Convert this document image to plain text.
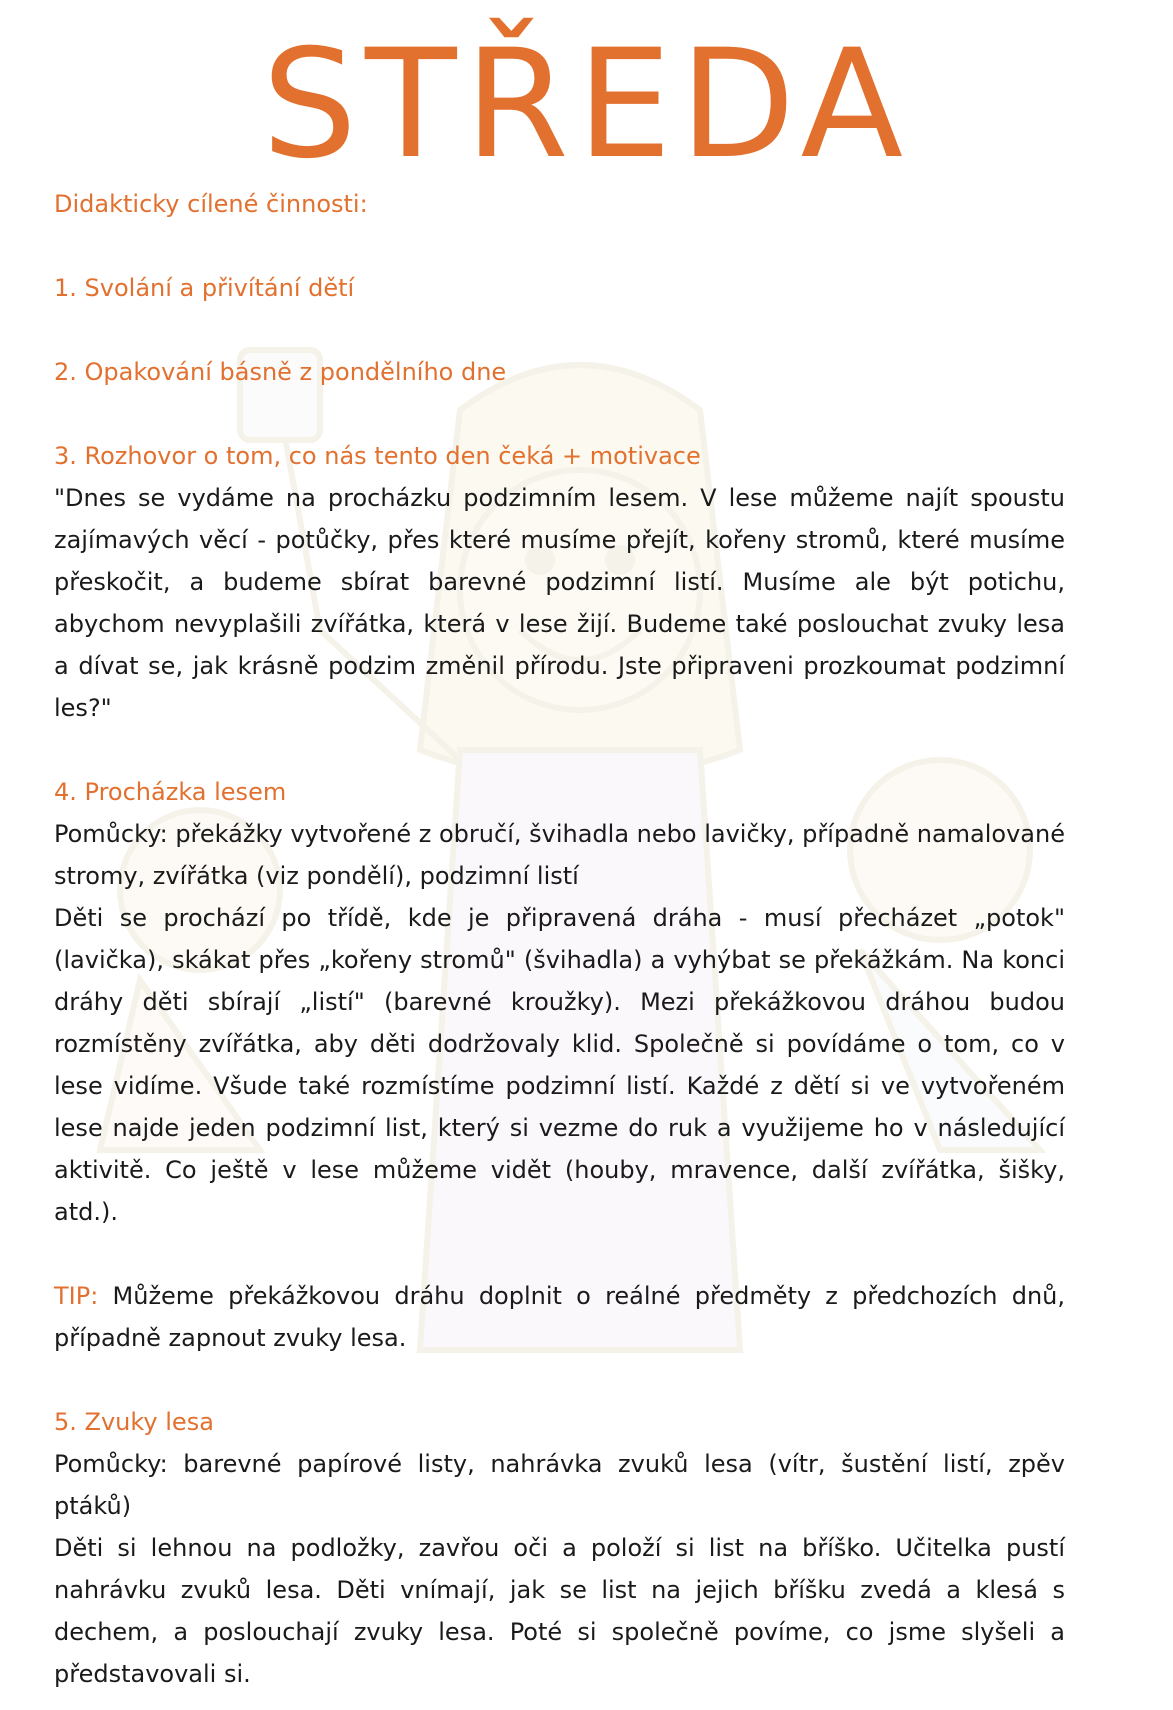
STŘEDA

Didakticky cílené činnosti:

1. Svolání a přivítání dětí

2. Opakování básně z pondělního dne

3. Rozhovor o tom, co nás tento den čeká + motivace

"Dnes se vydáme na procházku podzimním lesem. V lese můžeme najít spoustu zajímavých věcí - potůčky, přes které musíme přejít, kořeny stromů, které musíme přeskočit, a budeme sbírat barevné podzimní listí. Musíme ale být potichu, abychom nevyplašili zvířátka, která v lese žijí. Budeme také poslouchat zvuky lesa a dívat se, jak krásně podzim změnil přírodu. Jste připraveni prozkoumat podzimní les?"

4. Procházka lesem

Pomůcky: překážky vytvořené z obručí, švihadla nebo lavičky, případně namalované stromy, zvířátka (viz pondělí), podzimní listí

Děti se prochází po třídě, kde je připravená dráha - musí přecházet „potok" (lavička), skákat přes „kořeny stromů" (švihadla) a vyhýbat se překážkám. Na konci dráhy děti sbírají „listí" (barevné kroužky). Mezi překážkovou dráhou budou rozmístěny zvířátka, aby děti dodržovaly klid. Společně si povídáme o tom, co v lese vidíme. Všude také rozmístíme podzimní listí. Každé z dětí si ve vytvořeném lese najde jeden podzimní list, který si vezme do ruk a využijeme ho v následující aktivitě. Co ještě v lese můžeme vidět (houby, mravence, další zvířátka, šišky, atd.).

TIP: Můžeme překážkovou dráhu doplnit o reálné předměty z předchozích dnů, případně zapnout zvuky lesa.

5. Zvuky lesa

Pomůcky: barevné papírové listy, nahrávka zvuků lesa (vítr, šustění listí, zpěv ptáků)

Děti si lehnou na podložky, zavřou oči a položí si list na bříško. Učitelka pustí nahrávku zvuků lesa. Děti vnímají, jak se list na jejich bříšku zvedá a klesá s dechem, a poslouchají zvuky lesa. Poté si společně povíme, co jsme slyšeli a představovali si.
